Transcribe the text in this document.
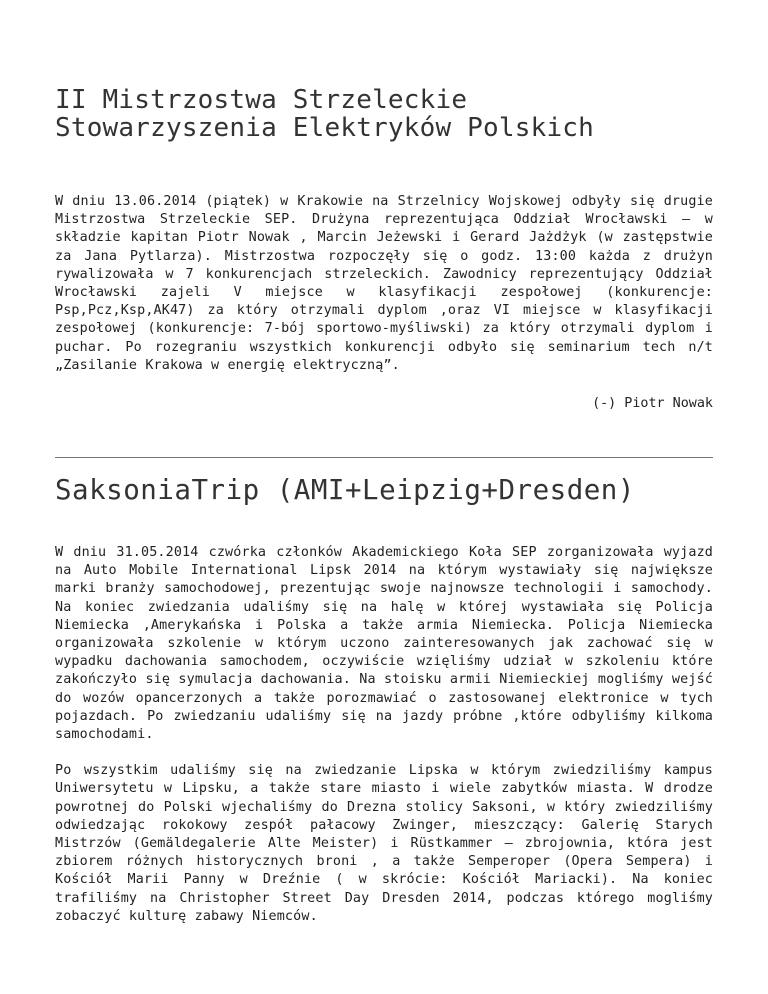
II Mistrzostwa Strzeleckie
Stowarzyszenia Elektryków Polskich

W dniu 13.06.2014 (piątek) w Krakowie na Strzelnicy Wojskowej odbyły się drugie Mistrzostwa Strzeleckie SEP. Drużyna reprezentująca Oddział Wrocławski – w składzie kapitan Piotr Nowak , Marcin Jeżewski i Gerard Jażdżyk (w zastępstwie za Jana Pytlarza). Mistrzostwa rozpoczęły się o godz. 13:00 każda z drużyn rywalizowała w 7 konkurencjach strzeleckich. Zawodnicy reprezentujący Oddział Wrocławski zajeli V miejsce w klasyfikacji zespołowej (konkurencje: Psp,Pcz,Ksp,AK47) za który otrzymali dyplom ,oraz VI miejsce w klasyfikacji zespołowej (konkurencje: 7-bój sportowo-myśliwski) za który otrzymali dyplom i puchar. Po rozegraniu wszystkich konkurencji odbyło się seminarium tech n/t „Zasilanie Krakowa w energię elektryczną”.

(-) Piotr Nowak
SaksoniaTrip (AMI+Leipzig+Dresden)

W dniu 31.05.2014 czwórka członków Akademickiego Koła SEP zorganizowała wyjazd na Auto Mobile International Lipsk 2014 na którym wystawiały się największe marki branży samochodowej, prezentując swoje najnowsze technologii i samochody. Na koniec zwiedzania udaliśmy się na halę w której wystawiała się Policja Niemiecka ,Amerykańska i Polska a także armia Niemiecka. Policja Niemiecka organizowała szkolenie w którym uczono zainteresowanych jak zachować się w wypadku dachowania samochodem, oczywiście wzięliśmy udział w szkoleniu które zakończyło się symulacja dachowania. Na stoisku armii Niemieckiej mogliśmy wejść do wozów opancerzonych a także porozmawiać o zastosowanej elektronice w tych pojazdach. Po zwiedzaniu udaliśmy się na jazdy próbne ,które odbyliśmy kilkoma samochodami.

Po wszystkim udaliśmy się na zwiedzanie Lipska w którym zwiedziliśmy kampus Uniwersytetu w Lipsku, a także stare miasto i wiele zabytków miasta. W drodze powrotnej do Polski wjechaliśmy do Drezna stolicy Saksoni, w który zwiedziliśmy odwiedzając rokokowy zespół pałacowy Zwinger, mieszczący: Galerię Starych Mistrzów (Gemäldegalerie Alte Meister) i Rüstkammer – zbrojownia, która jest zbiorem różnych historycznych broni , a także Semperoper (Opera Sempera) i Kościół Marii Panny w Dreźnie ( w skrócie: Kościół Mariacki). Na koniec trafiliśmy na Christopher Street Day Dresden 2014, podczas którego mogliśmy zobaczyć kulturę zabawy Niemców.
